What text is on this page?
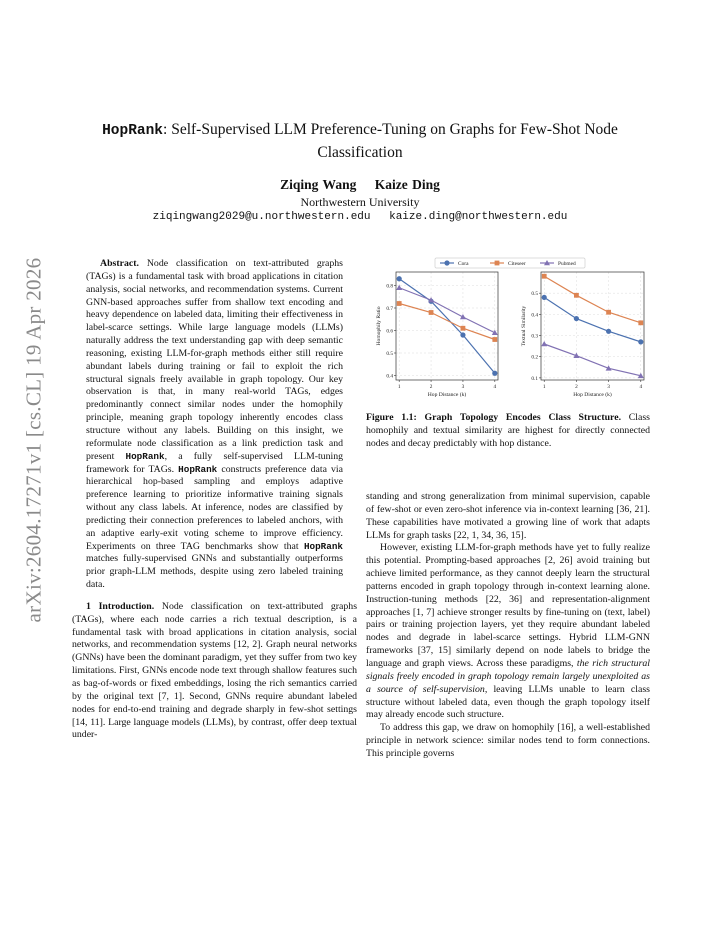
arXiv:2604.17271v1 [cs.CL] 19 Apr 2026
HopRank: Self-Supervised LLM Preference-Tuning on Graphs for Few-Shot Node Classification
Ziqing Wang Kaize Ding
Northwestern University
ziqingwang2029@u.northwestern.edu kaize.ding@northwestern.edu

Abstract. Node classification on text-attributed graphs (TAGs) is a fundamental task with broad applications in citation analysis, social networks, and recommendation systems. Current GNN-based approaches suffer from shallow text encoding and heavy dependence on labeled data, limiting their effectiveness in label-scarce settings. While large language models (LLMs) naturally address the text understanding gap with deep semantic reasoning, existing LLM-for-graph methods either still require abundant labels during training or fail to exploit the rich structural signals freely available in graph topology. Our key observation is that, in many real-world TAGs, edges predominantly connect similar nodes under the homophily principle, meaning graph topology inherently encodes class structure without any labels. Building on this insight, we reformulate node classification as a link prediction task and present HopRank, a fully self-supervised LLM-tuning framework for TAGs. HopRank constructs preference data via hierarchical hop-based sampling and employs adaptive preference learning to prioritize informative training signals without any class labels. At inference, nodes are classified by predicting their connection preferences to labeled anchors, with an adaptive early-exit voting scheme to improve efficiency. Experiments on three TAG benchmarks show that HopRank matches fully-supervised GNNs and substantially outperforms prior graph-LLM methods, despite using zero labeled training data.

1 Introduction. Node classification on text-attributed graphs (TAGs), where each node carries a rich textual description, is a fundamental task with broad applications in citation analysis, social networks, and recommendation systems [12, 2]. Graph neural networks (GNNs) have been the dominant paradigm, yet they suffer from two key limitations. First, GNNs encode node text through shallow features such as bag-of-words or fixed embeddings, losing the rich semantics carried by the original text [7, 1]. Second, GNNs require abundant labeled nodes for end-to-end training and degrade sharply in few-shot settings [14, 11]. Large language models (LLMs), by contrast, offer deep textual under-

0.4
0.5
0.6
0.7
0.8
1	2	3	4
Hop Distance (k)
Homophily Ratio
0.1
0.2
0.3
0.4
0.5
1	2	3	4
Hop Distance (k)
Textual Similarity
Cora	Citeseer	Pubmed
Figure 1.1: Graph Topology Encodes Class Structure. Class homophily and textual similarity are highest for directly connected nodes and decay predictably with hop distance.

standing and strong generalization from minimal supervision, capable of few-shot or even zero-shot inference via in-context learning [36, 21]. These capabilities have motivated a growing line of work that adapts LLMs for graph tasks [22, 1, 34, 36, 15].

However, existing LLM-for-graph methods have yet to fully realize this potential. Prompting-based approaches [2, 26] avoid training but achieve limited performance, as they cannot deeply learn the structural patterns encoded in graph topology through in-context learning alone. Instruction-tuning methods [22, 36] and representation-alignment approaches [1, 7] achieve stronger results by fine-tuning on (text, label) pairs or training projection layers, yet they require abundant labeled nodes and degrade in label-scarce settings. Hybrid LLM-GNN frameworks [37, 15] similarly depend on node labels to bridge the language and graph views. Across these paradigms, the rich structural signals freely encoded in graph topology remain largely unexploited as a source of self-supervision, leaving LLMs unable to learn class structure without labeled data, even though the graph topology itself may already encode such structure.

To address this gap, we draw on homophily [16], a well-established principle in network science: similar nodes tend to form connections. This principle governs
